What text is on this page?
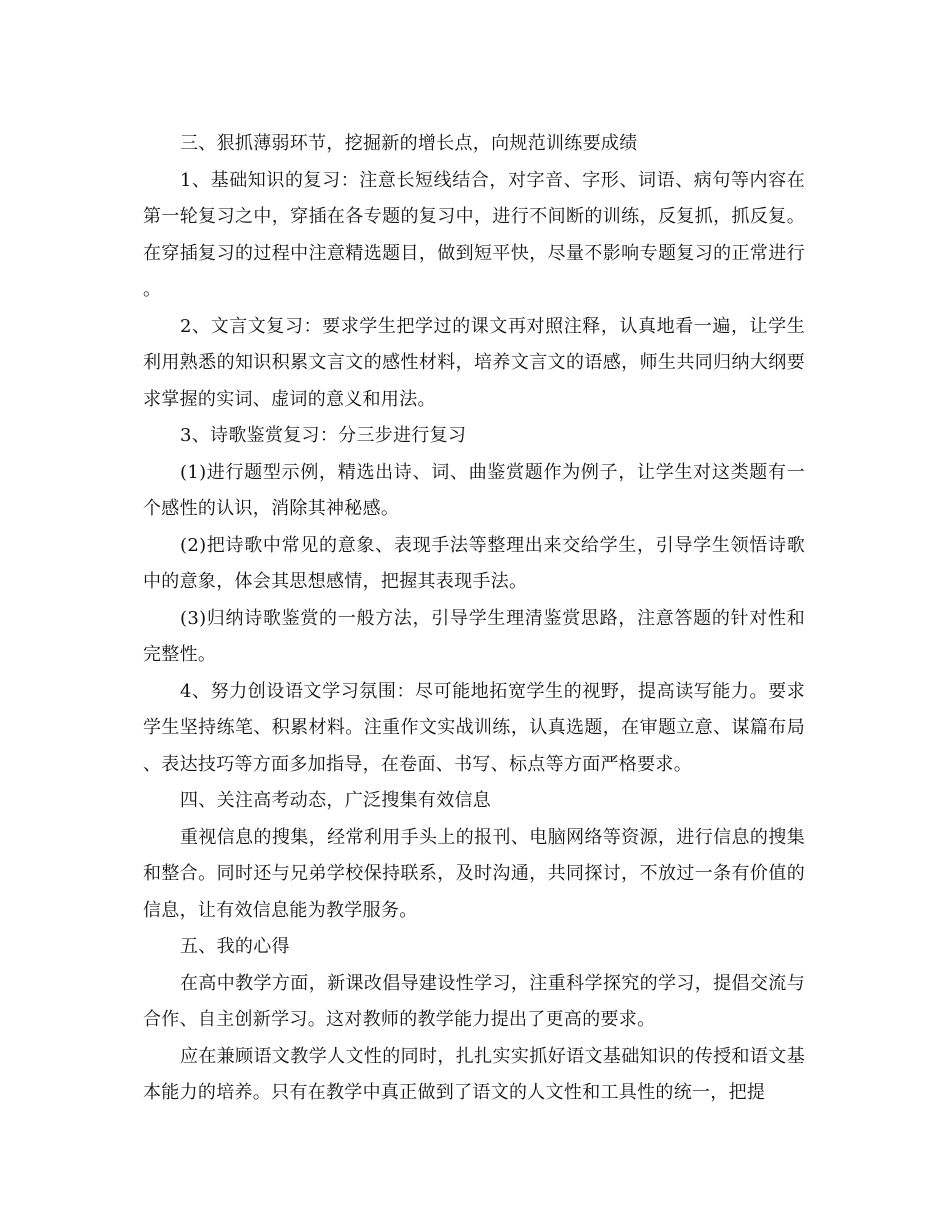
三、狠抓薄弱环节，挖掘新的增长点，向规范训练要成绩

1、基础知识的复习：注意长短线结合，对字音、字形、词语、病句等内容在第一轮复习之中，穿插在各专题的复习中，进行不间断的训练，反复抓，抓反复。在穿插复习的过程中注意精选题目，做到短平快，尽量不影响专题复习的正常进行。

2、文言文复习：要求学生把学过的课文再对照注释，认真地看一遍，让学生利用熟悉的知识积累文言文的感性材料，培养文言文的语感，师生共同归纳大纲要求掌握的实词、虚词的意义和用法。

3、诗歌鉴赏复习：分三步进行复习

(1)进行题型示例，精选出诗、词、曲鉴赏题作为例子，让学生对这类题有一个感性的认识，消除其神秘感。

(2)把诗歌中常见的意象、表现手法等整理出来交给学生，引导学生领悟诗歌中的意象，体会其思想感情，把握其表现手法。

(3)归纳诗歌鉴赏的一般方法，引导学生理清鉴赏思路，注意答题的针对性和完整性。

4、努力创设语文学习氛围：尽可能地拓宽学生的视野，提高读写能力。要求学生坚持练笔、积累材料。注重作文实战训练，认真选题，在审题立意、谋篇布局、表达技巧等方面多加指导，在卷面、书写、标点等方面严格要求。

四、关注高考动态，广泛搜集有效信息

重视信息的搜集，经常利用手头上的报刊、电脑网络等资源，进行信息的搜集和整合。同时还与兄弟学校保持联系，及时沟通，共同探讨，不放过一条有价值的信息，让有效信息能为教学服务。

五、我的心得

在高中教学方面，新课改倡导建设性学习，注重科学探究的学习，提倡交流与合作、自主创新学习。这对教师的教学能力提出了更高的要求。

应在兼顾语文教学人文性的同时，扎扎实实抓好语文基础知识的传授和语文基本能力的培养。只有在教学中真正做到了语文的人文性和工具性的统一，把提
